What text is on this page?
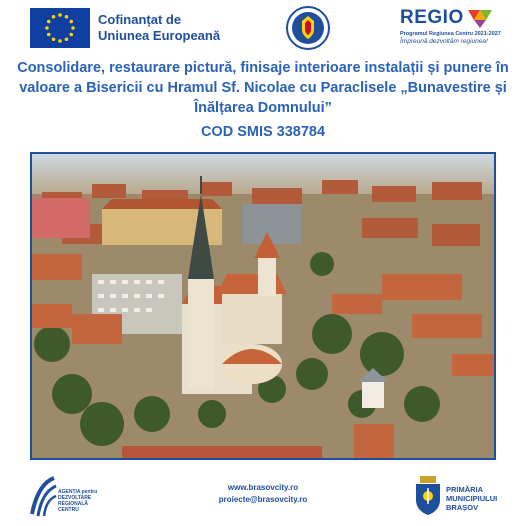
Cofinanțat de
Uniunea Europeană
REGIO
Programul Regiunea Centru 2021-2027
Împreună dezvoltăm regiunea!
Consolidare, restaurare pictură, finisaje interioare instalații și punere în
valoare a Bisericii cu Hramul Sf. Nicolae cu Paraclisele „Bunavestire și
Înălțarea Domnului”
COD SMIS 338784
AGENȚIA pentru
DEZVOLTARE
REGIONALĂ
CENTRU
www.brasovcity.ro
proiecte@brasovcity.ro
PRIMĂRIA
MUNICIPIULUI
BRAȘOV
